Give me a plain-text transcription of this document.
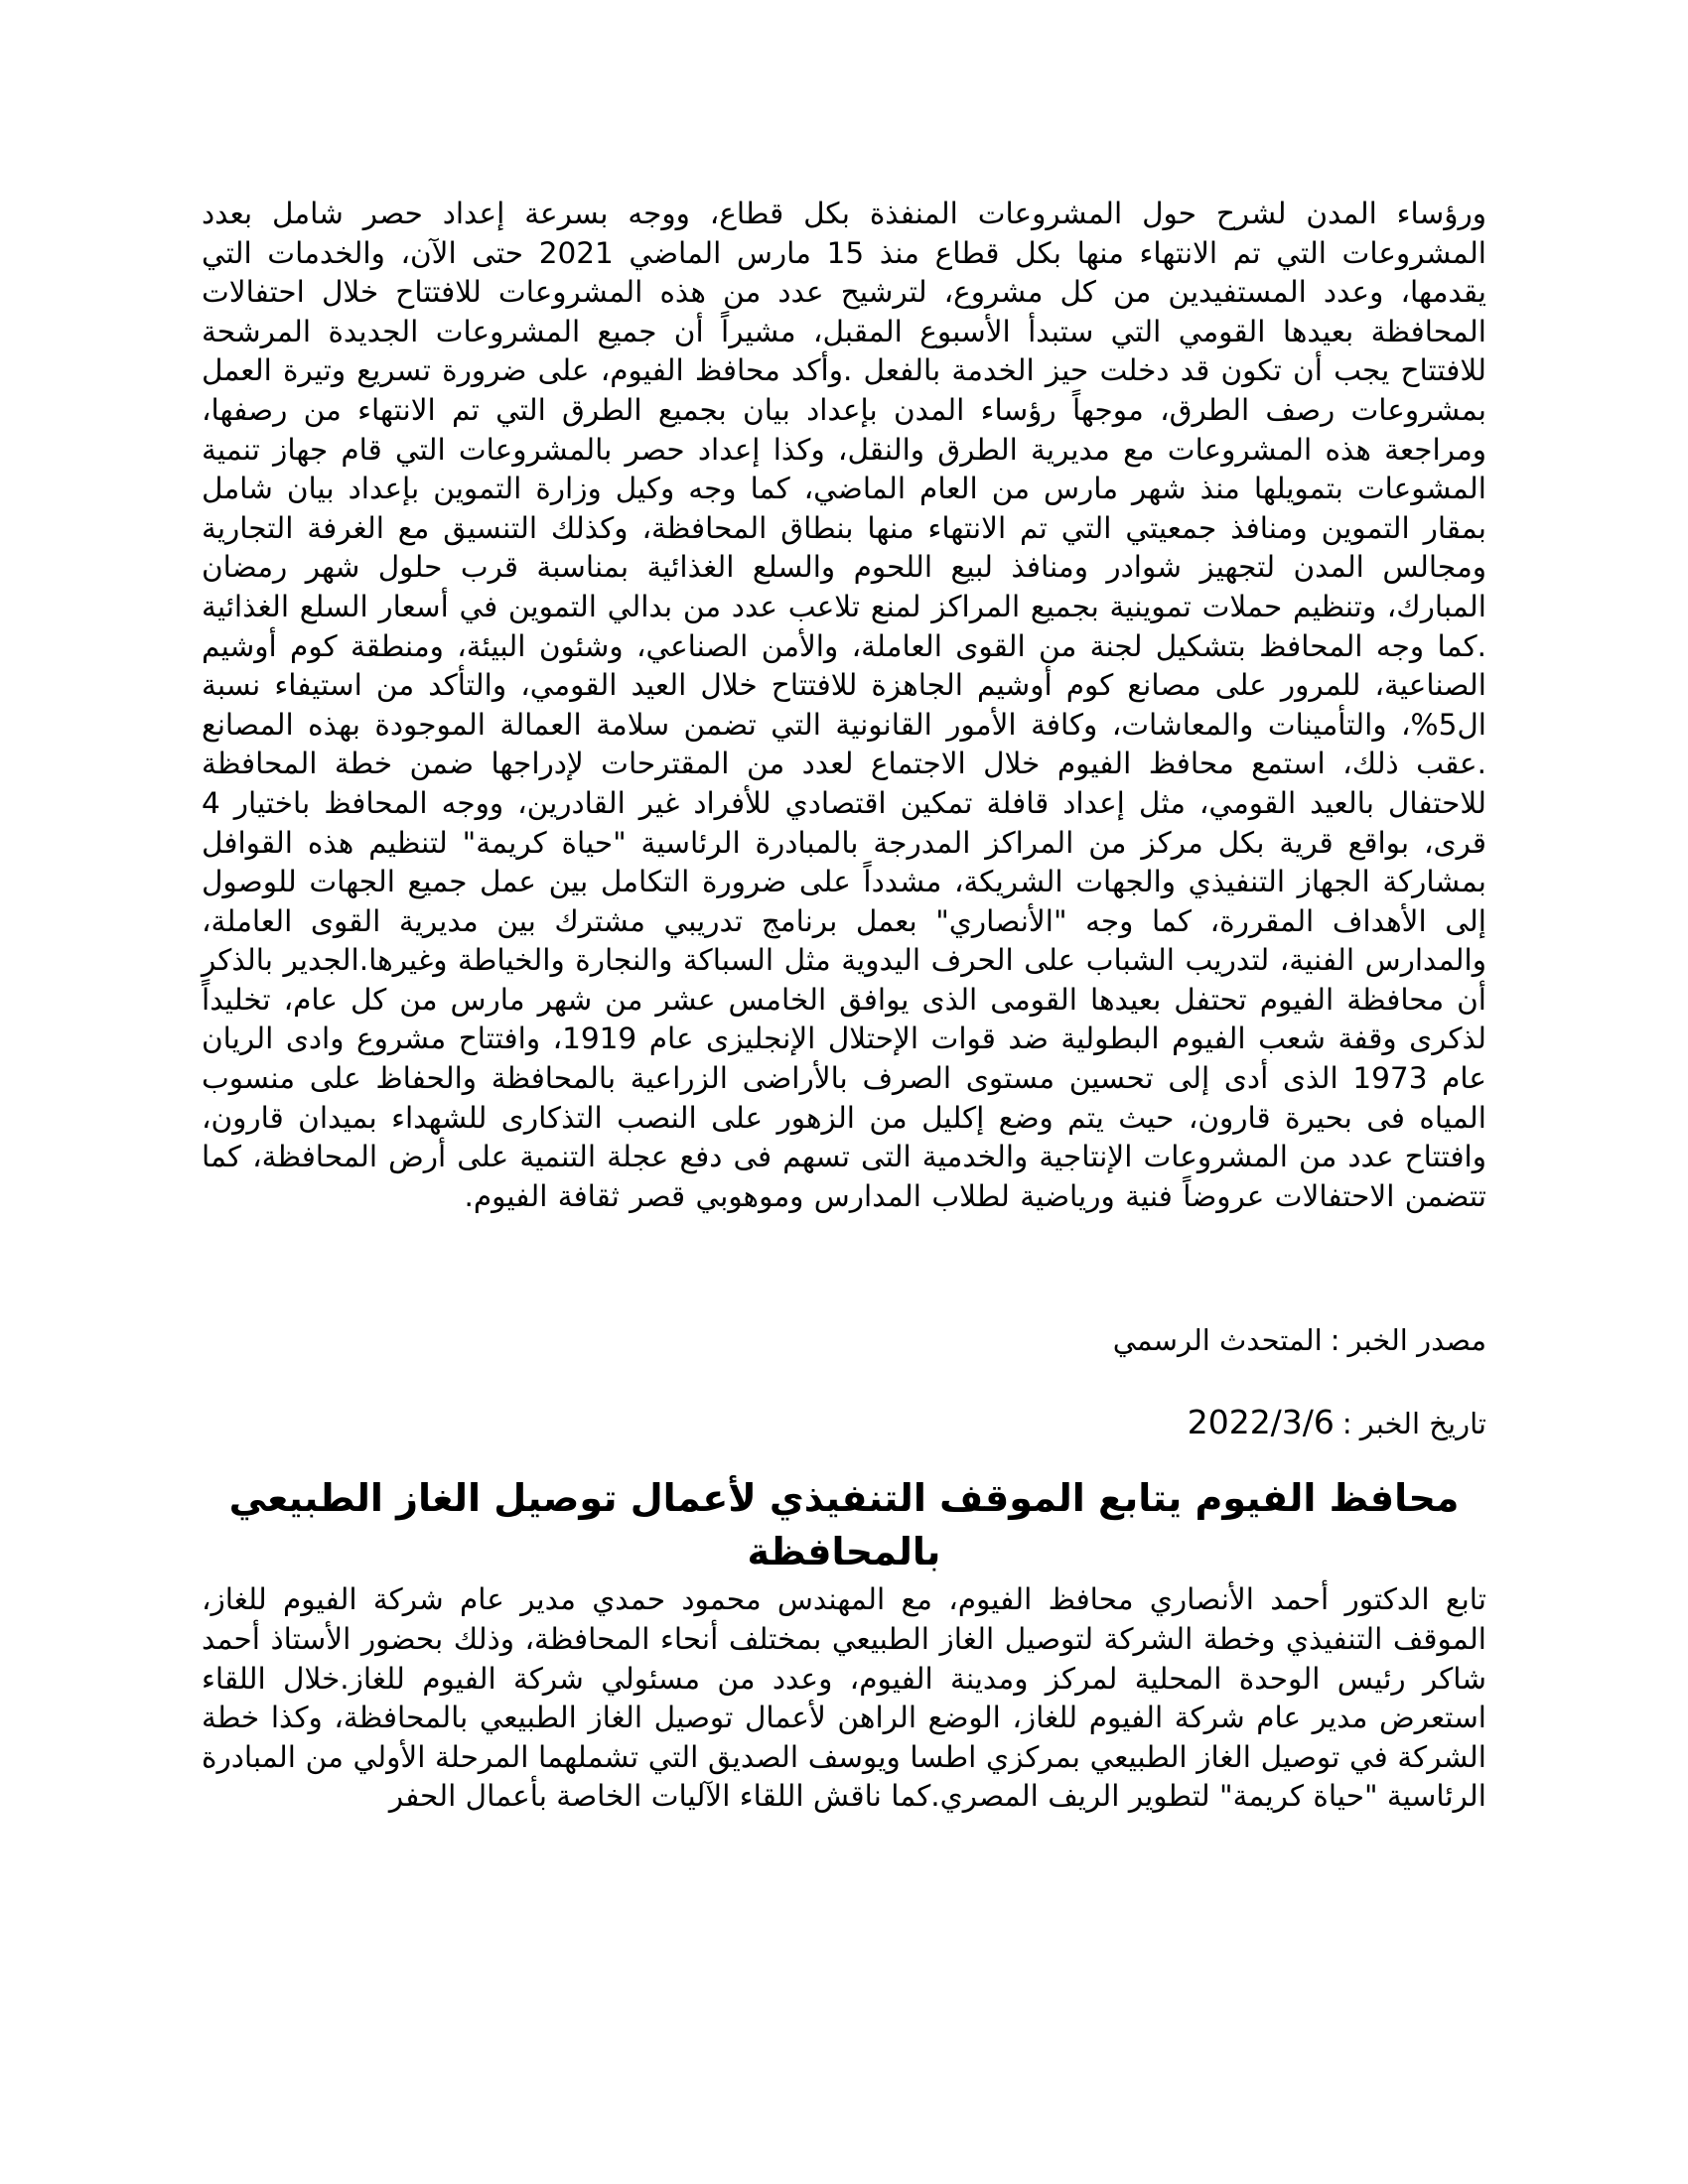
ورؤساء المدن لشرح حول المشروعات المنفذة بكل قطاع، ووجه بسرعة إعداد حصر شامل بعدد المشروعات التي تم الانتهاء منها بكل قطاع منذ 15 مارس الماضي 2021 حتى الآن، والخدمات التي يقدمها، وعدد المستفيدين من كل مشروع، لترشيح عدد من هذه المشروعات للافتتاح خلال احتفالات المحافظة بعيدها القومي التي ستبدأ الأسبوع المقبل، مشيراً أن جميع المشروعات الجديدة المرشحة للافتتاح يجب أن تكون قد دخلت حيز الخدمة بالفعل .وأكد محافظ الفيوم، على ضرورة تسريع وتيرة العمل بمشروعات رصف الطرق، موجهاً رؤساء المدن بإعداد بيان بجميع الطرق التي تم الانتهاء من رصفها، ومراجعة هذه المشروعات مع مديرية الطرق والنقل، وكذا إعداد حصر بالمشروعات التي قام جهاز تنمية المشوعات بتمويلها منذ شهر مارس من العام الماضي، كما وجه وكيل وزارة التموين بإعداد بيان شامل بمقار التموين ومنافذ جمعيتي التي تم الانتهاء منها بنطاق المحافظة، وكذلك التنسيق مع الغرفة التجارية ومجالس المدن لتجهيز شوادر ومنافذ لبيع اللحوم والسلع الغذائية بمناسبة قرب حلول شهر رمضان المبارك، وتنظيم حملات تموينية بجميع المراكز لمنع تلاعب عدد من بدالي التموين في أسعار السلع الغذائية .كما وجه المحافظ بتشكيل لجنة من القوى العاملة، والأمن الصناعي، وشئون البيئة، ومنطقة كوم أوشيم الصناعية، للمرور على مصانع كوم أوشيم الجاهزة للافتتاح خلال العيد القومي، والتأكد من استيفاء نسبة ال5%، والتأمينات والمعاشات، وكافة الأمور القانونية التي تضمن سلامة العمالة الموجودة بهذه المصانع .عقب ذلك، استمع محافظ الفيوم خلال الاجتماع لعدد من المقترحات لإدراجها ضمن خطة المحافظة للاحتفال بالعيد القومي، مثل إعداد قافلة تمكين اقتصادي للأفراد غير القادرين، ووجه المحافظ باختيار 4 قرى، بواقع قرية بكل مركز من المراكز المدرجة بالمبادرة الرئاسية "حياة كريمة" لتنظيم هذه القوافل بمشاركة الجهاز التنفيذي والجهات الشريكة، مشدداً على ضرورة التكامل بين عمل جميع الجهات للوصول إلى الأهداف المقررة، كما وجه "الأنصاري" بعمل برنامج تدريبي مشترك بين مديرية القوى العاملة، والمدارس الفنية، لتدريب الشباب على الحرف اليدوية مثل السباكة والنجارة والخياطة وغيرها.الجدير بالذكر أن محافظة الفيوم تحتفل بعيدها القومى الذى يوافق الخامس عشر من شهر مارس من كل عام، تخليداً لذكرى وقفة شعب الفيوم البطولية ضد قوات الإحتلال الإنجليزى عام 1919، وافتتاح مشروع وادى الريان عام 1973 الذى أدى إلى تحسين مستوى الصرف بالأراضى الزراعية بالمحافظة والحفاظ على منسوب المياه فى بحيرة قارون، حيث يتم وضع إكليل من الزهور على النصب التذكارى للشهداء بميدان قارون، وافتتاح عدد من المشروعات الإنتاجية والخدمية التى تسهم فى دفع عجلة التنمية على أرض المحافظة، كما تتضمن الاحتفالات عروضاً فنية ورياضية لطلاب المدارس وموهوبي قصر ثقافة الفيوم.

مصدر الخبر:المتحدث الرسمي
تاريخ الخبر:2022/3/6
محافظ الفيوم يتابع الموقف التنفيذي لأعمال توصيل الغاز الطبيعي بالمحافظة

تابع الدكتور أحمد الأنصاري محافظ الفيوم، مع المهندس محمود حمدي مدير عام شركة الفيوم للغاز، الموقف التنفيذي وخطة الشركة لتوصيل الغاز الطبيعي بمختلف أنحاء المحافظة، وذلك بحضور الأستاذ أحمد شاكر رئيس الوحدة المحلية لمركز ومدينة الفيوم، وعدد من مسئولي شركة الفيوم للغاز.خلال اللقاء استعرض مدير عام شركة الفيوم للغاز، الوضع الراهن لأعمال توصيل الغاز الطبيعي بالمحافظة، وكذا خطة الشركة في توصيل الغاز الطبيعي بمركزي اطسا ويوسف الصديق التي تشملهما المرحلة الأولي من المبادرة الرئاسية "حياة كريمة" لتطوير الريف المصري.كما ناقش اللقاء الآليات الخاصة بأعمال الحفر
